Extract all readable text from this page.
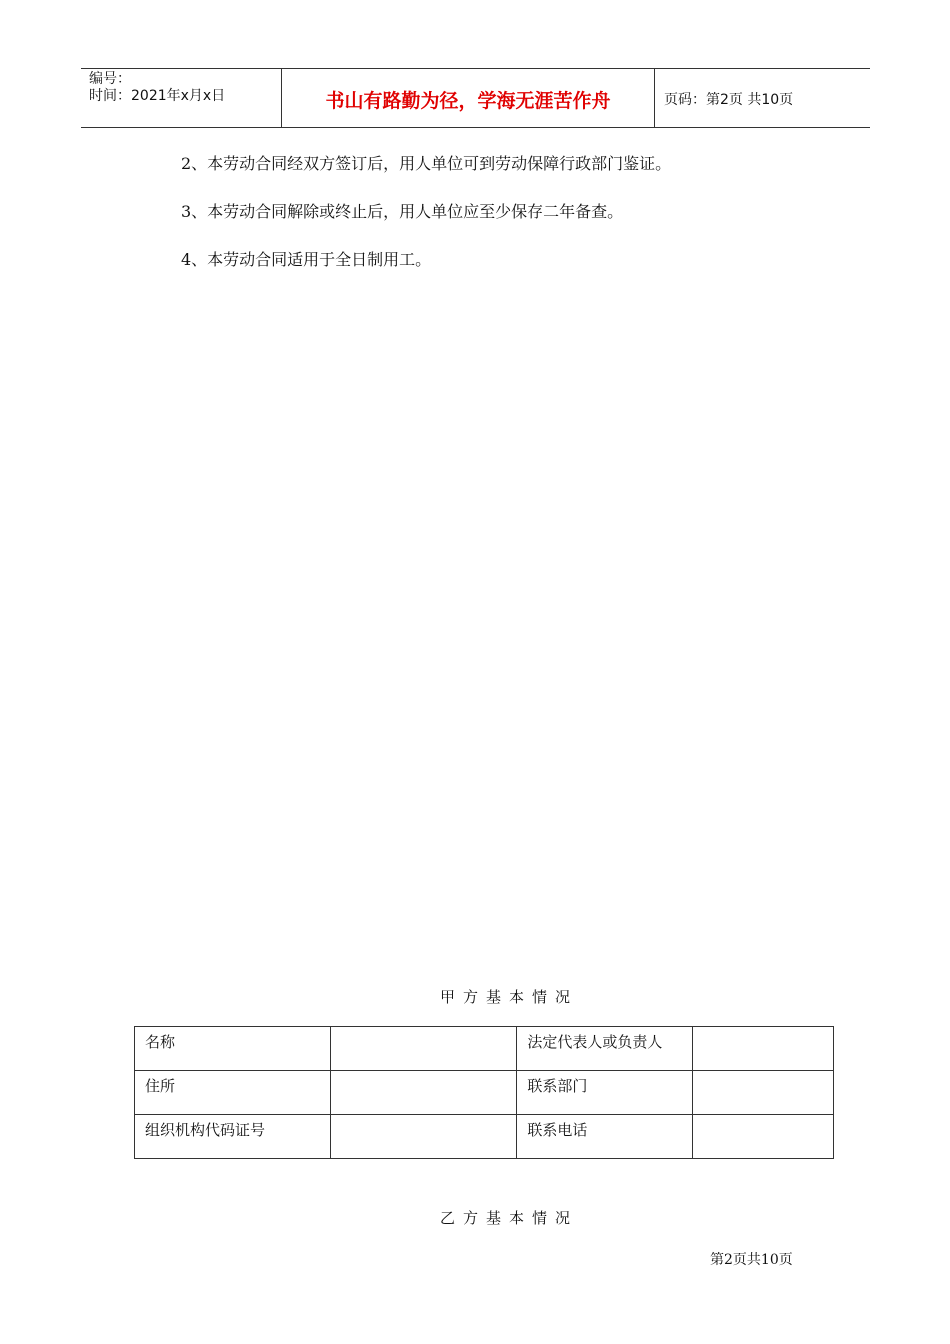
编号：
时间：2021年x月x日	书山有路勤为径，学海无涯苦作舟	页码：第2页 共10页

2、本劳动合同经双方签订后，用人单位可到劳动保障行政部门鉴证。

3、本劳动合同解除或终止后，用人单位应至少保存二年备查。

4、本劳动合同适用于全日制用工。

甲方基本情况
名称		法定代表人或负责人	
住所		联系部门	
组织机构代码证号		联系电话	
乙方基本情况
第2页共10页
